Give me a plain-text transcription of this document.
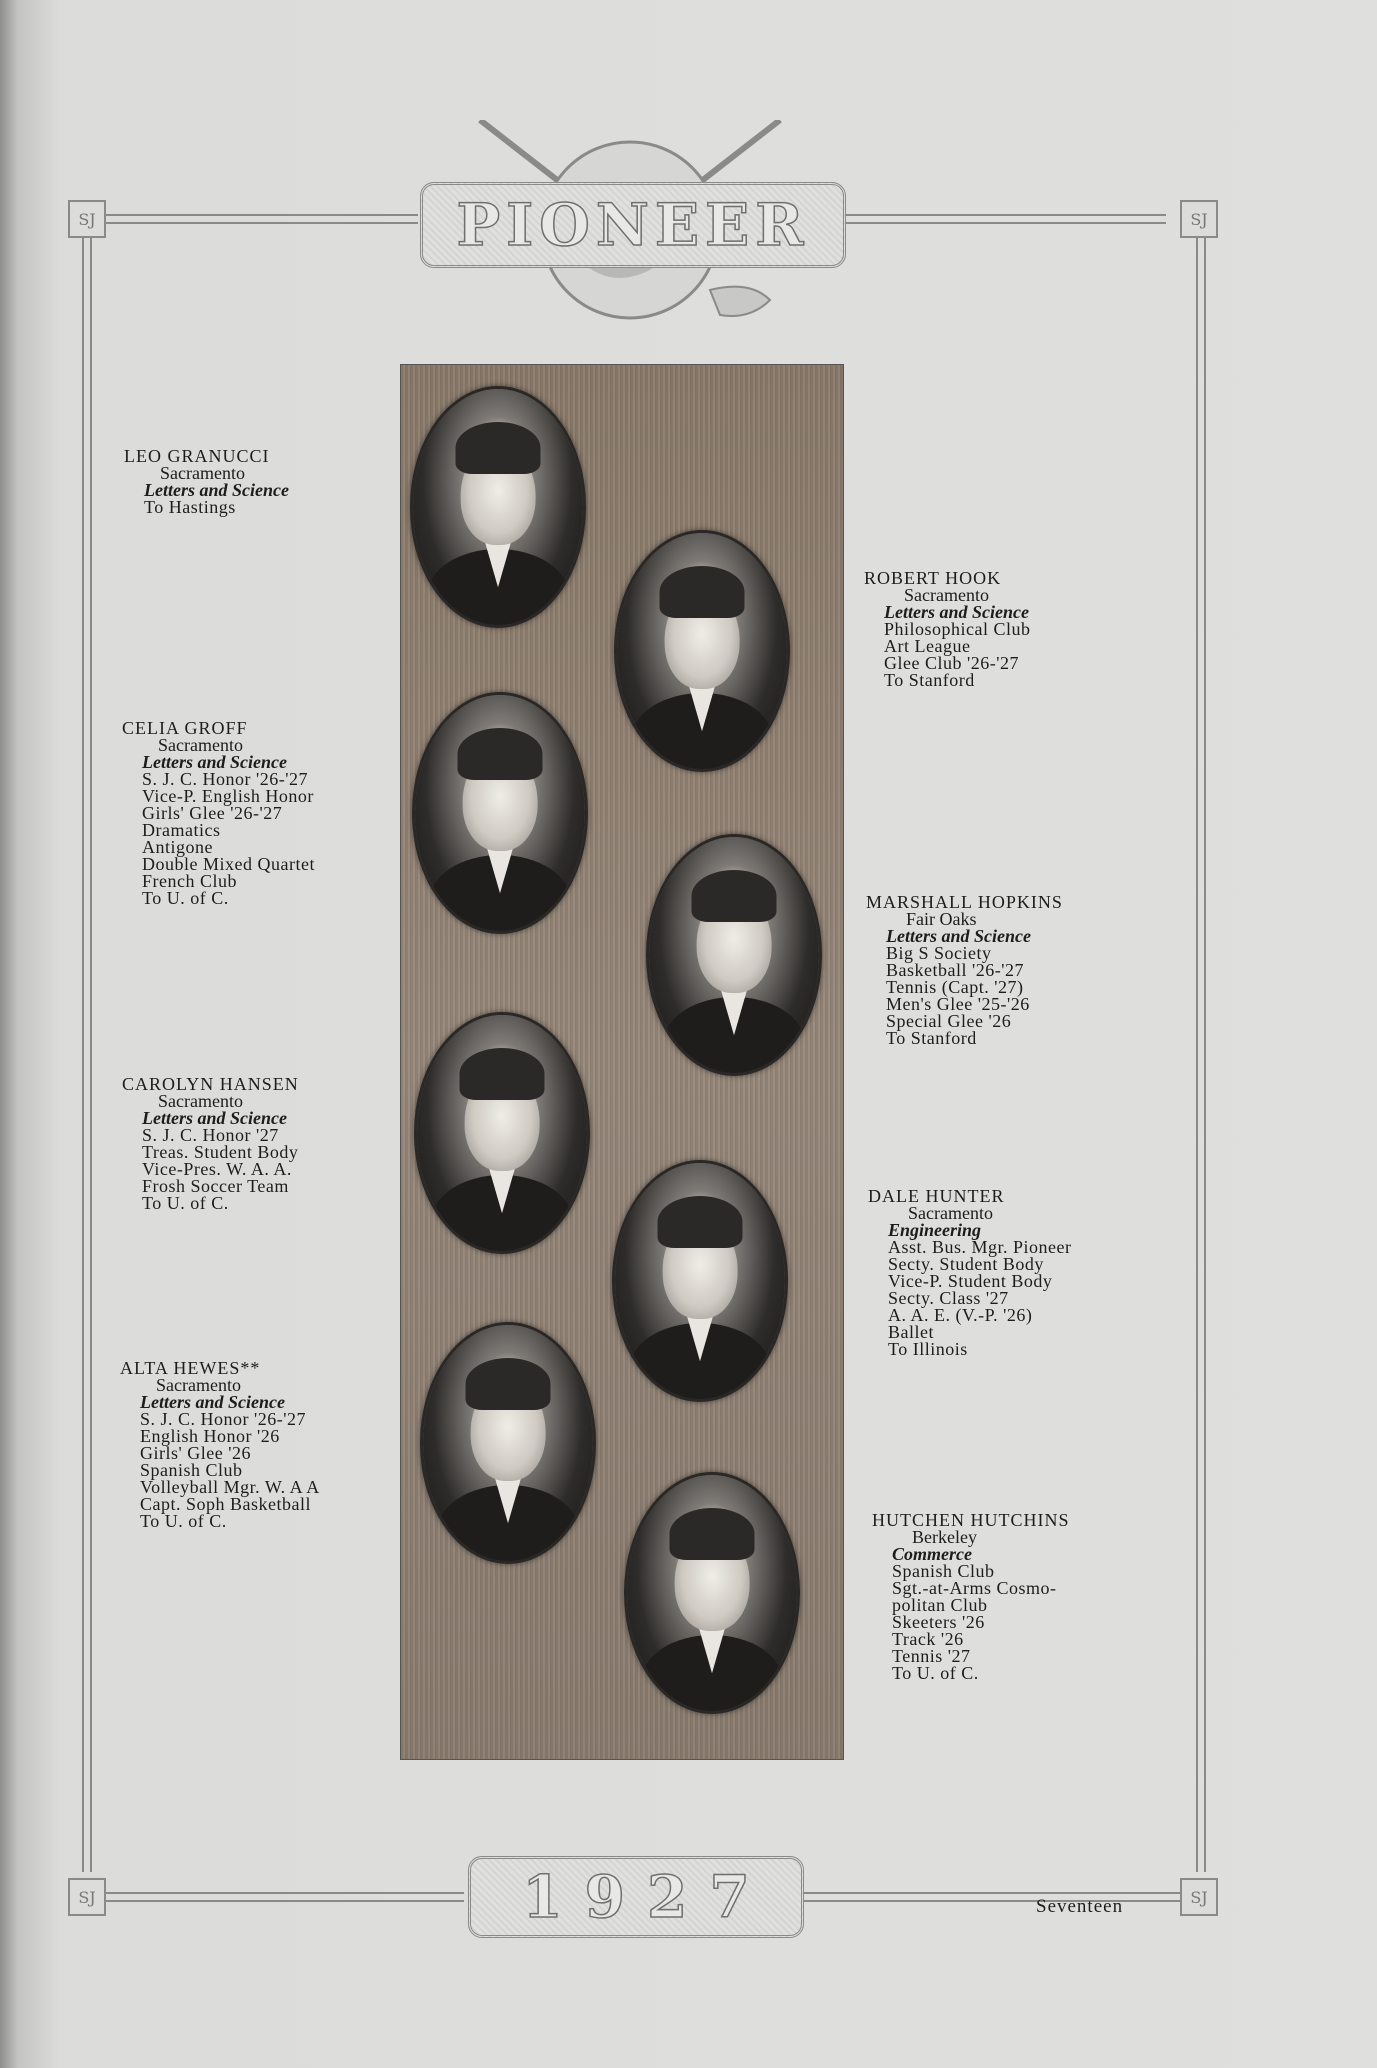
SJ	SJ
SJ	SJ
PIONEER
LEO GRANUCCI
Sacramento
Letters and Science
To Hastings
CELIA GROFF
Sacramento
Letters and Science
S. J. C. Honor '26-'27
Vice-P. English Honor
Girls' Glee '26-'27
Dramatics
Antigone
Double Mixed Quartet
French Club
To U. of C.
CAROLYN HANSEN
Sacramento
Letters and Science
S. J. C. Honor '27
Treas. Student Body
Vice-Pres. W. A. A.
Frosh Soccer Team
To U. of C.
ALTA HEWES**
Sacramento
Letters and Science
S. J. C. Honor '26-'27
English Honor '26
Girls' Glee '26
Spanish Club
Volleyball Mgr. W. A A
Capt. Soph Basketball
To U. of C.
ROBERT HOOK
Sacramento
Letters and Science
Philosophical Club
Art League
Glee Club '26-'27
To Stanford
MARSHALL HOPKINS
Fair Oaks
Letters and Science
Big S Society
Basketball '26-'27
Tennis (Capt. '27)
Men's Glee '25-'26
Special Glee '26
To Stanford
DALE HUNTER
Sacramento
Engineering
Asst. Bus. Mgr. Pioneer
Secty. Student Body
Vice-P. Student Body
Secty. Class '27
A. A. E. (V.-P. '26)
Ballet
To Illinois
HUTCHEN HUTCHINS
Berkeley
Commerce
Spanish Club
Sgt.-at-Arms Cosmo-
politan Club
Skeeters '26
Track '26
Tennis '27
To U. of C.
1927	Seventeen
